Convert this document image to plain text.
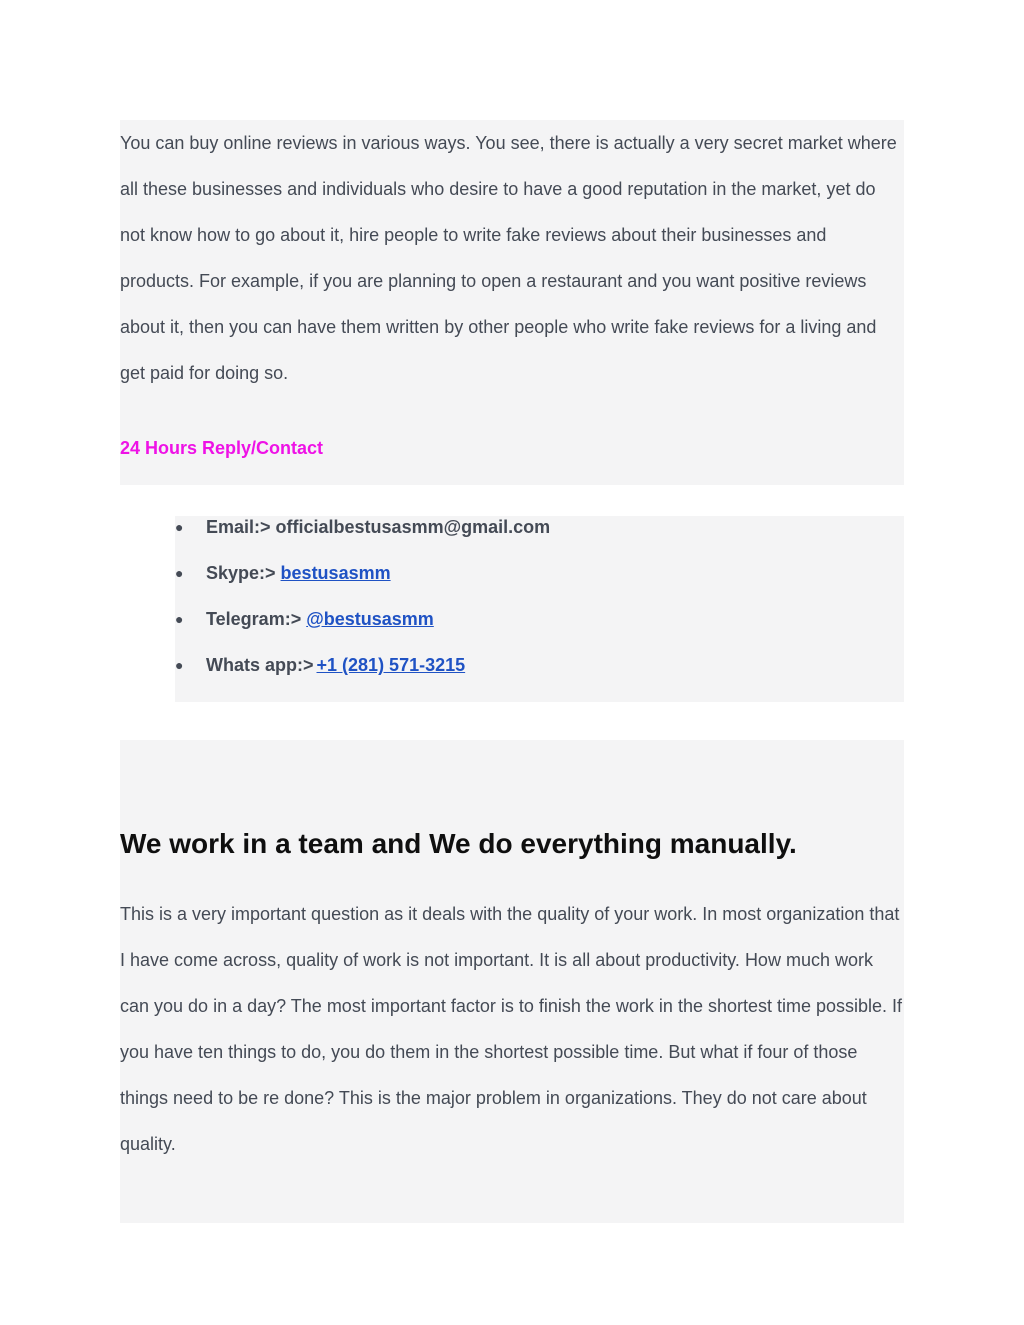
You can buy online reviews in various ways. You see, there is actually a very secret market where all these businesses and individuals who desire to have a good reputation in the market, yet do not know how to go about it, hire people to write fake reviews about their businesses and products. For example, if you are planning to open a restaurant and you want positive reviews about it, then you can have them written by other people who write fake reviews for a living and get paid for doing so.

24 Hours Reply/Contact
● Email:> officialbestusasmm@gmail.com
● Skype:> bestusasmm
● Telegram:> @bestusasmm
● Whats app:> +1 (281) 571-3215
We work in a team and We do everything manually.

This is a very important question as it deals with the quality of your work. In most organization that I have come across, quality of work is not important. It is all about productivity. How much work can you do in a day? The most important factor is to finish the work in the shortest time possible. If you have ten things to do, you do them in the shortest possible time. But what if four of those things need to be re done? This is the major problem in organizations. They do not care about quality.
